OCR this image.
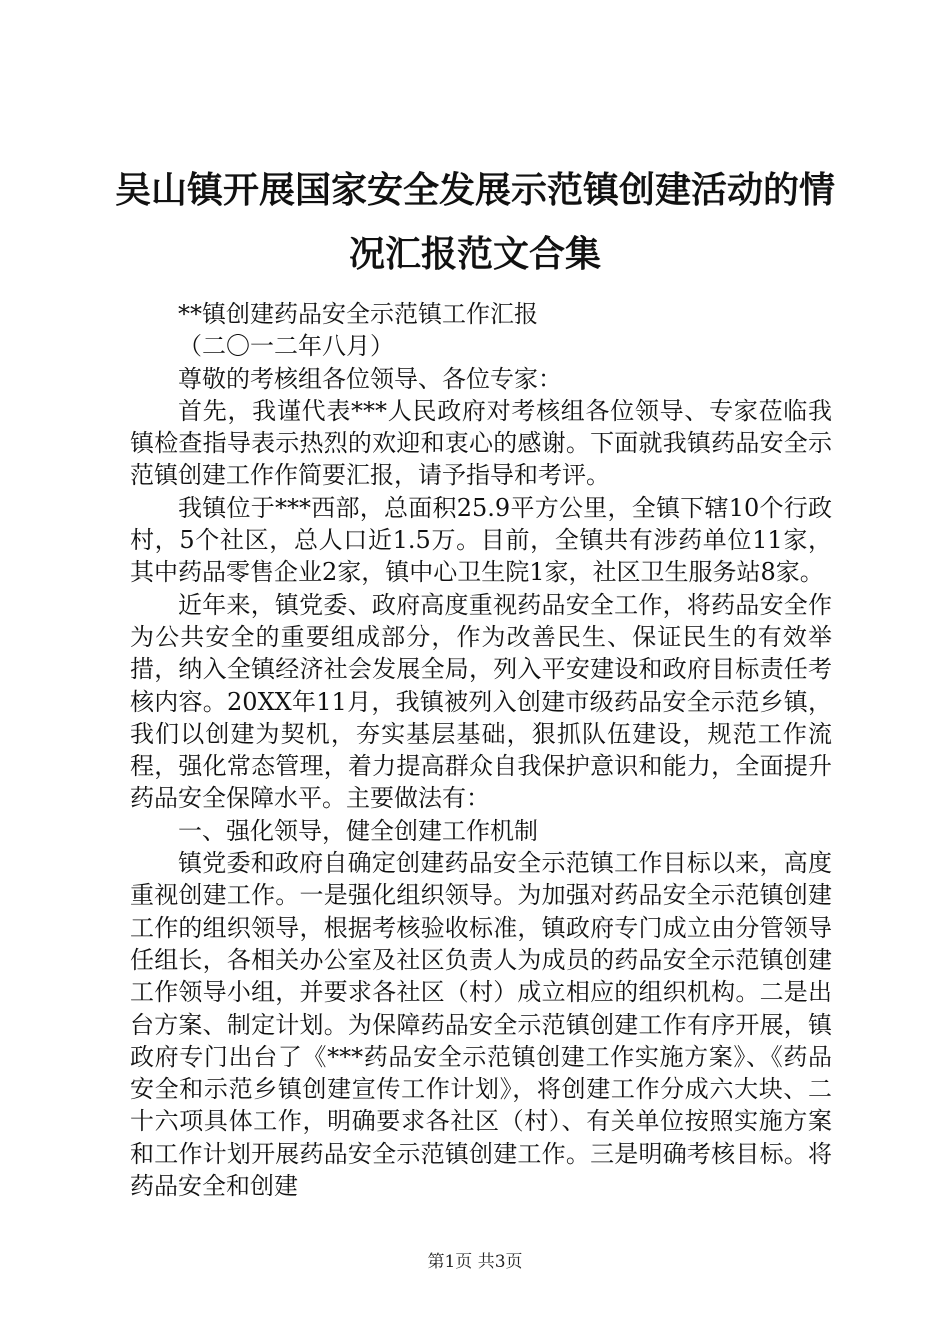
吴山镇开展国家安全发展示范镇创建活动的情况汇报范文合集

**镇创建药品安全示范镇工作汇报

（二〇一二年八月）

尊敬的考核组各位领导、各位专家：

首先，我谨代表***人民政府对考核组各位领导、专家莅临我镇检查指导表示热烈的欢迎和衷心的感谢。下面就我镇药品安全示范镇创建工作作简要汇报，请予指导和考评。

我镇位于***西部，总面积25.9平方公里，全镇下辖10个行政村，5个社区，总人口近1.5万。目前，全镇共有涉药单位11家，其中药品零售企业2家，镇中心卫生院1家，社区卫生服务站8家。

近年来，镇党委、政府高度重视药品安全工作，将药品安全作为公共安全的重要组成部分，作为改善民生、保证民生的有效举措，纳入全镇经济社会发展全局，列入平安建设和政府目标责任考核内容。20XX年11月，我镇被列入创建市级药品安全示范乡镇，我们以创建为契机，夯实基层基础，狠抓队伍建设，规范工作流程，强化常态管理，着力提高群众自我保护意识和能力，全面提升药品安全保障水平。主要做法有：

一、强化领导，健全创建工作机制

镇党委和政府自确定创建药品安全示范镇工作目标以来，高度重视创建工作。一是强化组织领导。为加强对药品安全示范镇创建工作的组织领导，根据考核验收标准，镇政府专门成立由分管领导任组长，各相关办公室及社区负责人为成员的药品安全示范镇创建工作领导小组，并要求各社区（村）成立相应的组织机构。二是出台方案、制定计划。为保障药品安全示范镇创建工作有序开展，镇政府专门出台了《***药品安全示范镇创建工作实施方案》、《药品安全和示范乡镇创建宣传工作计划》，将创建工作分成六大块、二十六项具体工作，明确要求各社区（村）、有关单位按照实施方案和工作计划开展药品安全示范镇创建工作。三是明确考核目标。将药品安全和创建

第1页 共3页
